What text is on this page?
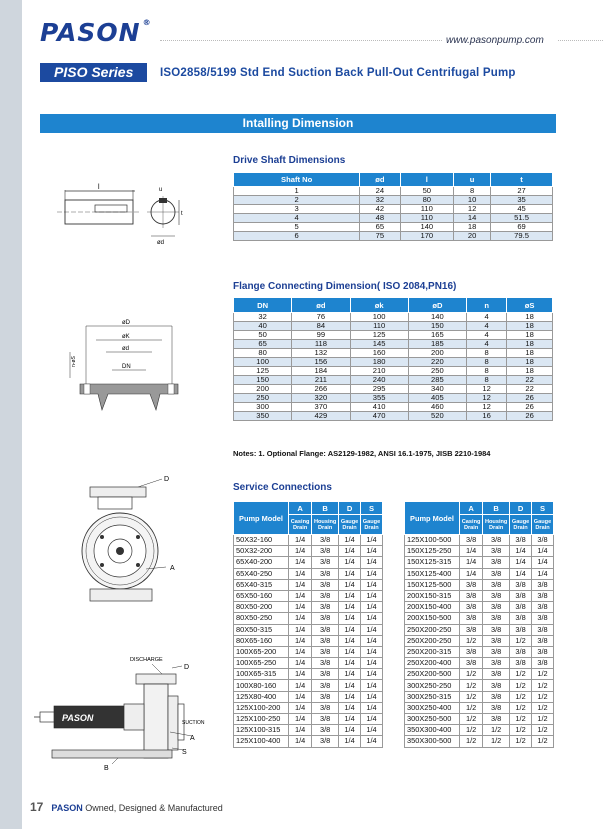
PASON ®
www.pasonpump.com
PISO Series	ISO2858/5199 Std End Suction Back Pull-Out Centrifugal Pump
Intalling Dimension
l
t
u
ød
Drive Shaft Dimensions
Shaft No	ød	l	u	t
1	24	50	8	27
2	32	80	10	35
3	42	110	12	45
4	48	110	14	51.5
5	65	140	18	69
6	75	170	20	79.5
øD
øK
ød
DN
n-øS
Flange Connecting Dimension( ISO 2084,PN16)
DN	ød	øk	øD	n	øS
32	76	100	140	4	18
40	84	110	150	4	18
50	99	125	165	4	18
65	118	145	185	4	18
80	132	160	200	8	18
100	156	180	220	8	18
125	184	210	250	8	18
150	211	240	285	8	22
200	266	295	340	12	22
250	320	355	405	12	26
300	370	410	460	12	26
350	429	470	520	16	26
Notes: 1. Optional Flange: AS2129-1982, ANSI 16.1-1975, JISB 2210-1984
D
A
DISCHARGE
D
SUCTION
PASON
A
S
B
Service Connections
Pump Model	A	B	D	S
	Casing Drain	Housing Drain	Gauge Drain	Gauge Drain
50X32-160	1/4	3/8	1/4	1/4
50X32-200	1/4	3/8	1/4	1/4
65X40-200	1/4	3/8	1/4	1/4
65X40-250	1/4	3/8	1/4	1/4
65X40-315	1/4	3/8	1/4	1/4
65X50-160	1/4	3/8	1/4	1/4
80X50-200	1/4	3/8	1/4	1/4
80X50-250	1/4	3/8	1/4	1/4
80X50-315	1/4	3/8	1/4	1/4
80X65-160	1/4	3/8	1/4	1/4
100X65-200	1/4	3/8	1/4	1/4
100X65-250	1/4	3/8	1/4	1/4
100X65-315	1/4	3/8	1/4	1/4
100X80-160	1/4	3/8	1/4	1/4
125X80-400	1/4	3/8	1/4	1/4
125X100-200	1/4	3/8	1/4	1/4
125X100-250	1/4	3/8	1/4	1/4
125X100-315	1/4	3/8	1/4	1/4
125X100-400	1/4	3/8	1/4	1/4
Pump Model	A	B	D	S
	Casing Drain	Housing Drain	Gauge Drain	Gauge Drain
125X100-500	3/8	3/8	3/8	3/8
150X125-250	1/4	3/8	1/4	1/4
150X125-315	1/4	3/8	1/4	1/4
150X125-400	1/4	3/8	1/4	1/4
150X125-500	3/8	3/8	3/8	3/8
200X150-315	3/8	3/8	3/8	3/8
200X150-400	3/8	3/8	3/8	3/8
200X150-500	3/8	3/8	3/8	3/8
250X200-250	3/8	3/8	3/8	3/8
250X200-250	1/2	3/8	1/2	3/8
250X200-315	3/8	3/8	3/8	3/8
250X200-400	3/8	3/8	3/8	3/8
250X200-500	1/2	3/8	1/2	1/2
300X250-250	1/2	3/8	1/2	1/2
300X250-315	1/2	3/8	1/2	1/2
300X250-400	1/2	3/8	1/2	1/2
300X250-500	1/2	3/8	1/2	1/2
350X300-400	1/2	1/2	1/2	1/2
350X300-500	1/2	1/2	1/2	1/2
17 PASON Owned, Designed & Manufactured
